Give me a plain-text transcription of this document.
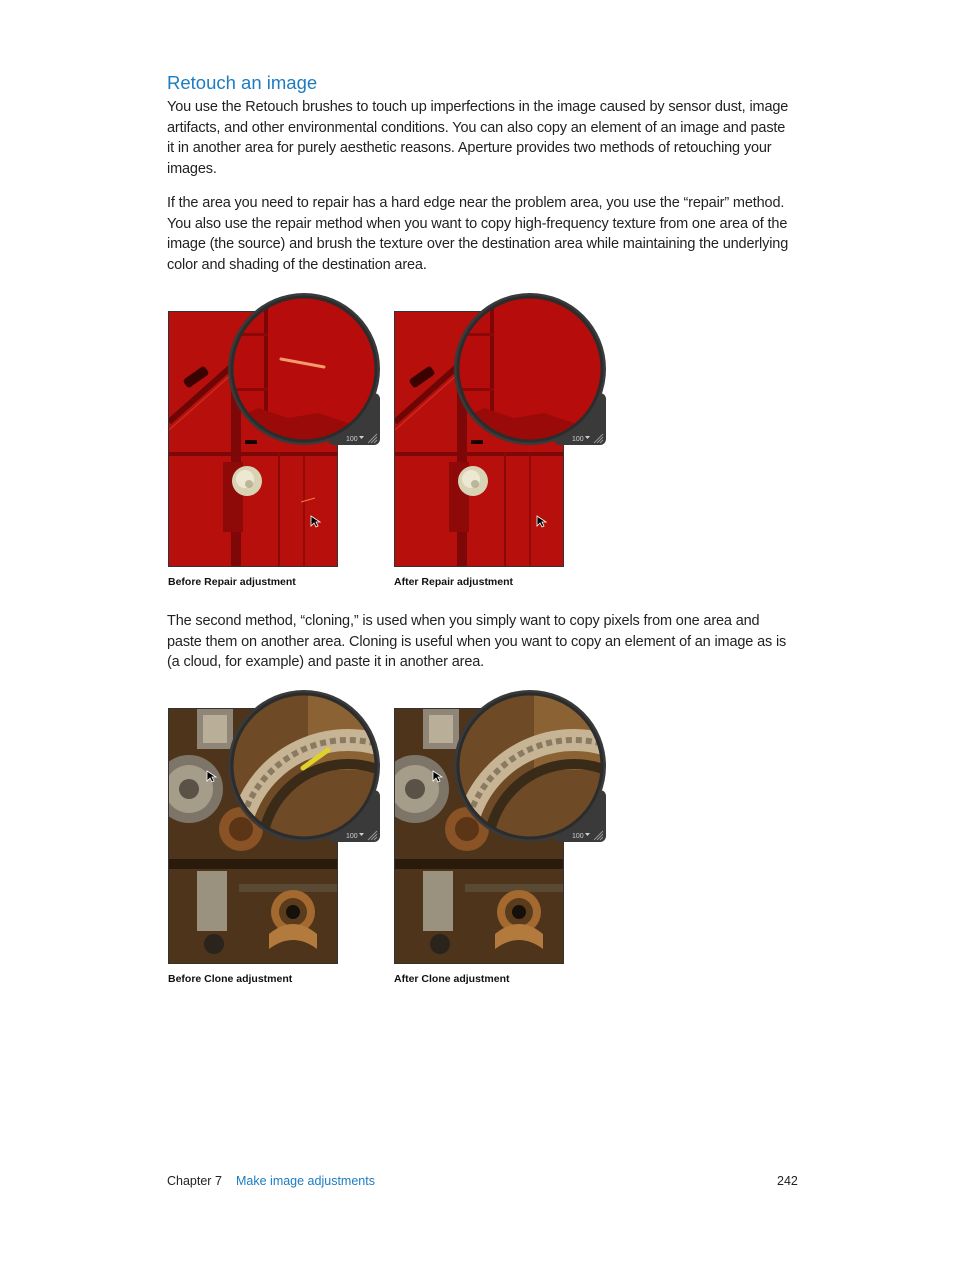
Retouch an image

You use the Retouch brushes to touch up imperfections in the image caused by sensor dust, image artifacts, and other environmental conditions. You can also copy an element of an image and paste it in another area for purely aesthetic reasons. Aperture provides two methods of retouching your images.

If the area you need to repair has a hard edge near the problem area, you use the “repair” method. You also use the repair method when you want to copy high-frequency texture from one area of the image (the source) and brush the texture over the destination area while maintaining the underlying color and shading of the destination area.

100
Before Repair adjustment
100
After Repair adjustment

The second method, “cloning,” is used when you simply want to copy pixels from one area and paste them on another area. Cloning is useful when you want to copy an element of an image as is (a cloud, for example) and paste it in another area.

100
Before Clone adjustment
100
After Clone adjustment
Chapter 7 Make image adjustments	242
